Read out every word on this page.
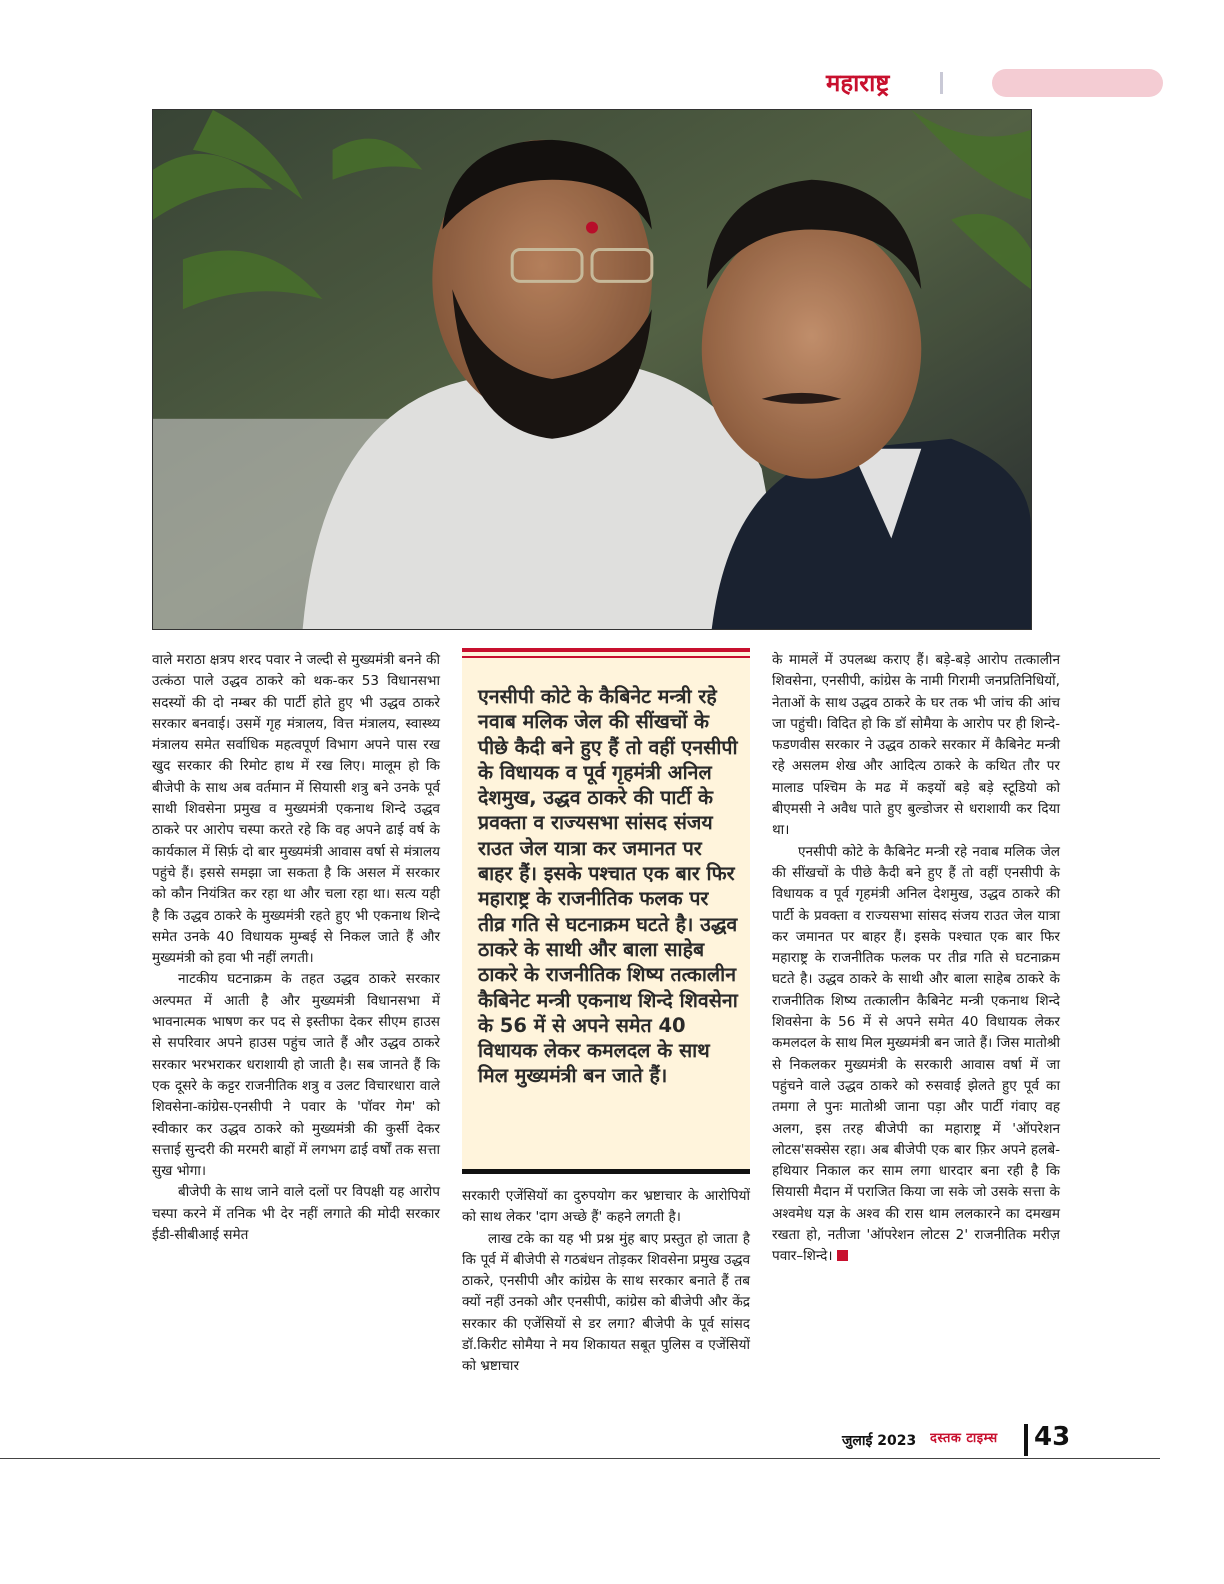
महाराष्ट्र

वाले मराठा क्षत्रप शरद पवार ने जल्दी से मुख्यमंत्री बनने की उत्कंठा पाले उद्धव ठाकरे को थक-कर 53 विधानसभा सदस्यों की दो नम्बर की पार्टी होते हुए भी उद्धव ठाकरे सरकार बनवाई। उसमें गृह मंत्रालय, वित्त मंत्रालय, स्वास्थ्य मंत्रालय समेत सर्वाधिक महत्वपूर्ण विभाग अपने पास रख खुद सरकार की रिमोट हाथ में रख लिए। मालूम हो कि बीजेपी के साथ अब वर्तमान में सियासी शत्रु बने उनके पूर्व साथी शिवसेना प्रमुख व मुख्यमंत्री एकनाथ शिन्दे उद्धव ठाकरे पर आरोप चस्पा करते रहे कि वह अपने ढाई वर्ष के कार्यकाल में सिर्फ़ दो बार मुख्यमंत्री आवास वर्षा से मंत्रालय पहुंचे हैं। इससे समझा जा सकता है कि असल में सरकार को कौन नियंत्रित कर रहा था और चला रहा था। सत्य यही है कि उद्धव ठाकरे के मुख्यमंत्री रहते हुए भी एकनाथ शिन्दे समेत उनके 40 विधायक मुम्बई से निकल जाते हैं और मुख्यमंत्री को हवा भी नहीं लगती।

नाटकीय घटनाक्रम के तहत उद्धव ठाकरे सरकार अल्पमत में आती है और मुख्यमंत्री विधानसभा में भावनात्मक भाषण कर पद से इस्तीफा देकर सीएम हाउस से सपरिवार अपने हाउस पहुंच जाते हैं और उद्धव ठाकरे सरकार भरभराकर धराशायी हो जाती है। सब जानते हैं कि एक दूसरे के कट्टर राजनीतिक शत्रु व उलट विचारधारा वाले शिवसेना-कांग्रेस-एनसीपी ने पवार के 'पॉवर गेम' को स्वीकार कर उद्धव ठाकरे को मुख्यमंत्री की कुर्सी देकर सत्ताई सुन्दरी की मरमरी बाहों में लगभग ढाई वर्षों तक सत्ता सुख भोगा।

बीजेपी के साथ जाने वाले दलों पर विपक्षी यह आरोप चस्पा करने में तनिक भी देर नहीं लगाते की मोदी सरकार ईडी-सीबीआई समेत

एनसीपी कोटे के कैबिनेट मन्त्री रहे नवाब मलिक जेल की सींखचों के पीछे कैदी बने हुए हैं तो वहीं एनसीपी के विधायक व पूर्व गृहमंत्री अनिल देशमुख, उद्धव ठाकरे की पार्टी के प्रवक्ता व राज्यसभा सांसद संजय राउत जेल यात्रा कर जमानत पर बाहर हैं। इसके पश्चात एक बार फिर महाराष्ट्र के राजनीतिक फलक पर तीव्र गति से घटनाक्रम घटते है। उद्धव ठाकरे के साथी और बाला साहेब ठाकरे के राजनीतिक शिष्य तत्कालीन कैबिनेट मन्त्री एकनाथ शिन्दे शिवसेना के 56 में से अपने समेत 40 विधायक लेकर कमलदल के साथ मिल मुख्यमंत्री बन जाते हैं।

सरकारी एजेंसियों का दुरुपयोग कर भ्रष्टाचार के आरोपियों को साथ लेकर 'दाग अच्छे हैं' कहने लगती है।

लाख टके का यह भी प्रश्न मुंह बाए प्रस्तुत हो जाता है कि पूर्व में बीजेपी से गठबंधन तोड़कर शिवसेना प्रमुख उद्धव ठाकरे, एनसीपी और कांग्रेस के साथ सरकार बनाते हैं तब क्यों नहीं उनको और एनसीपी, कांग्रेस को बीजेपी और केंद्र सरकार की एजेंसियों से डर लगा? बीजेपी के पूर्व सांसद डॉ.किरीट सोमैया ने मय शिकायत सबूत पुलिस व एजेंसियों को भ्रष्टाचार

के मामलें में उपलब्ध कराए हैं। बड़े-बड़े आरोप तत्कालीन शिवसेना, एनसीपी, कांग्रेस के नामी गिरामी जनप्रतिनिधियों, नेताओं के साथ उद्धव ठाकरे के घर तक भी जांच की आंच जा पहुंची। विदित हो कि डॉ सोमैया के आरोप पर ही शिन्दे-फडणवीस सरकार ने उद्धव ठाकरे सरकार में कैबिनेट मन्त्री रहे असलम शेख और आदित्य ठाकरे के कथित तौर पर मालाड पश्चिम के मढ में कइयों बड़े बड़े स्टूडियो को बीएमसी ने अवैध पाते हुए बुल्डोजर से धराशायी कर दिया था।

एनसीपी कोटे के कैबिनेट मन्त्री रहे नवाब मलिक जेल की सींखचों के पीछे कैदी बने हुए हैं तो वहीं एनसीपी के विधायक व पूर्व गृहमंत्री अनिल देशमुख, उद्धव ठाकरे की पार्टी के प्रवक्ता व राज्यसभा सांसद संजय राउत जेल यात्रा कर जमानत पर बाहर हैं। इसके पश्चात एक बार फिर महाराष्ट्र के राजनीतिक फलक पर तीव्र गति से घटनाक्रम घटते है। उद्धव ठाकरे के साथी और बाला साहेब ठाकरे के राजनीतिक शिष्य तत्कालीन कैबिनेट मन्त्री एकनाथ शिन्दे शिवसेना के 56 में से अपने समेत 40 विधायक लेकर कमलदल के साथ मिल मुख्यमंत्री बन जाते हैं। जिस मातोश्री से निकलकर मुख्यमंत्री के सरकारी आवास वर्षा में जा पहुंचने वाले उद्धव ठाकरे को रुसवाई झेलते हुए पूर्व का तमगा ले पुनः मातोश्री जाना पड़ा और पार्टी गंवाए वह अलग, इस तरह बीजेपी का महाराष्ट्र में 'ऑपरेशन लोटस'सक्सेस रहा। अब बीजेपी एक बार फ़िर अपने हलबे-हथियार निकाल कर साम लगा धारदार बना रही है कि सियासी मैदान में पराजित किया जा सके जो उसके सत्ता के अश्वमेध यज्ञ के अश्व की रास थाम ललकारने का दमखम रखता हो, नतीजा 'ऑपरेशन लोटस 2' राजनीतिक मरीज़ पवार–शिन्दे।

जुलाई 2023 दस्तक टाइम्स	43
